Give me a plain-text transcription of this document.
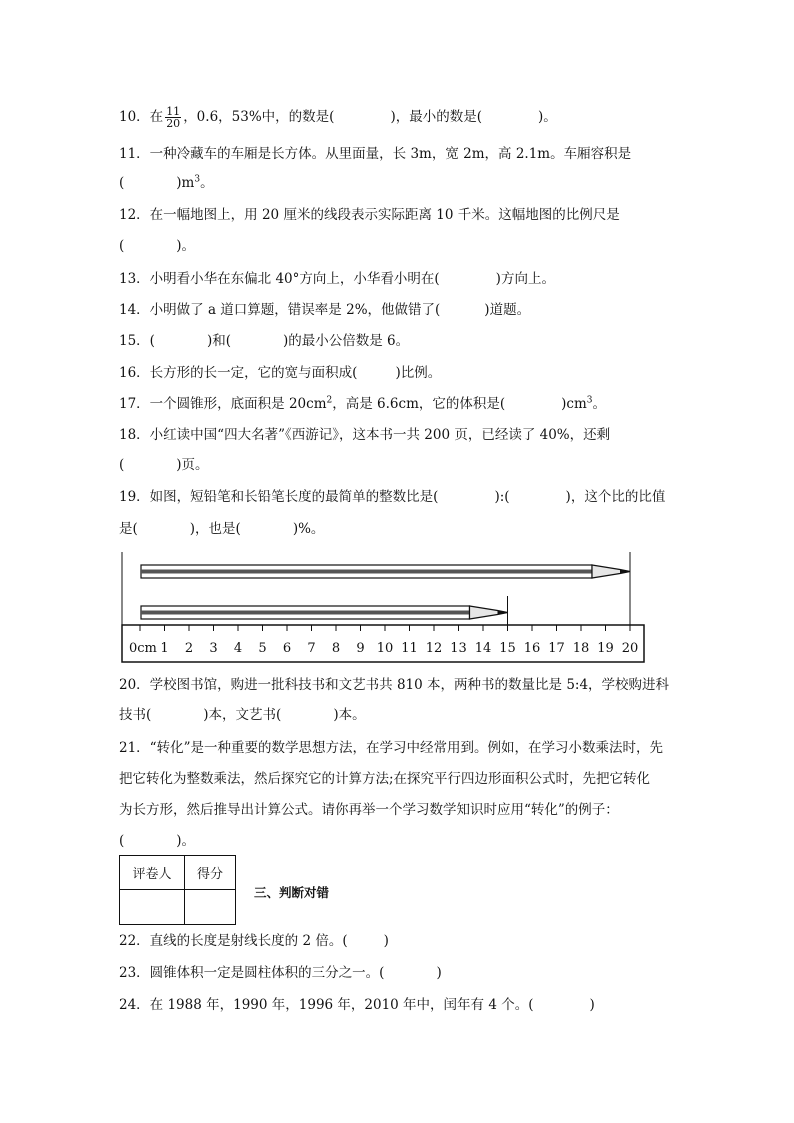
10．在 $\frac{11}{20}$ ，0.6，53%中，的数是(	)，最小的数是(	)。
11．一种冷藏车的车厢是长方体。从里面量，长 3m，宽 2m，高 2.1m。车厢容积是
(	)$m^3$。
12．在一幅地图上，用 20 厘米的线段表示实际距离 10 千米。这幅地图的比例尺是
(	)。
13．小明看小华在东偏北 40°方向上，小华看小明在(	)方向上。
14．小明做了 a 道口算题，错误率是 2%，他做错了(	)道题。
15．(	)和(	)的最小公倍数是 6。
16．长方形的长一定，它的宽与面积成(	)比例。
17．一个圆锥形，底面积是 $20cm^2$，高是 6.6cm，它的体积是(	)$cm^3$。
18．小红读中国“四大名著”《西游记》，这本书一共 200 页，已经读了 40%，还剩
(	)页。
19．如图，短铅笔和长铅笔长度的最简单的整数比是(	):(	)，这个比的比值
是(	)，也是(	)%。
1 2 3 4 5 6 7 8 9 10 11 12 13 14 15 16 17 18 19 20
0cm
20．学校图书馆，购进一批科技书和文艺书共 810 本，两种书的数量比是 5:4，学校购进科
技书(	)本，文艺书(	)本。
21．“转化”是一种重要的数学思想方法，在学习中经常用到。例如，在学习小数乘法时，先
把它转化为整数乘法，然后探究它的计算方法;在探究平行四边形面积公式时，先把它转化
为长方形，然后推导出计算公式。请你再举一个学习数学知识时应用“转化”的例子：
(	)。
评卷人	得分

三、判断对错
22．直线的长度是射线长度的 2 倍。(	)
23．圆锥体积一定是圆柱体积的三分之一。(	)
24．在 1988 年，1990 年，1996 年，2010 年中，闰年有 4 个。(	)
